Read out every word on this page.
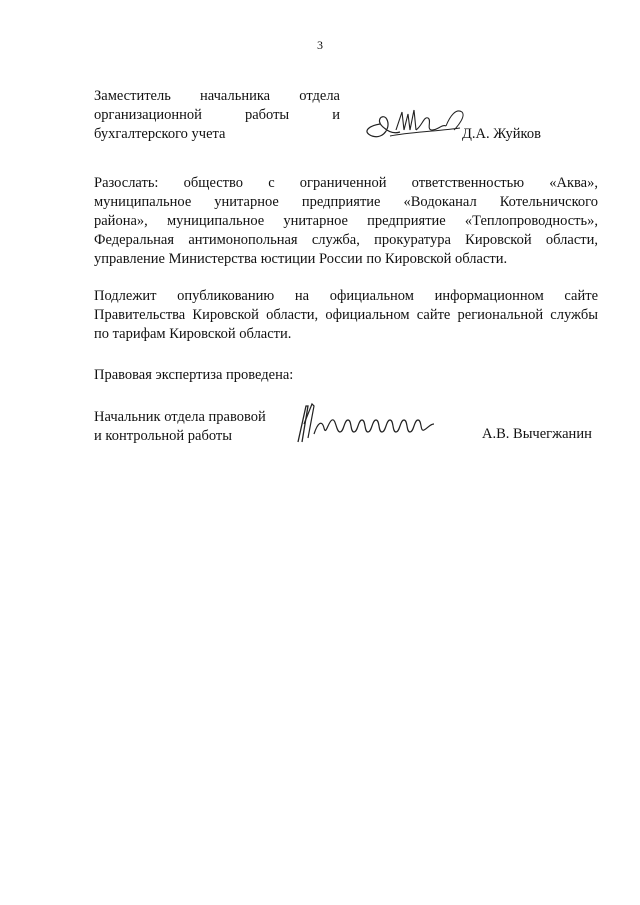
3
Заместитель начальника отдела
организационной работы и
бухгалтерского учета	Д.А. Жуйков
Разослать: общество с ограниченной ответственностью «Аква»,
муниципальное унитарное предприятие «Водоканал Котельничского
района», муниципальное унитарное предприятие «Теплопроводность»,
Федеральная антимонопольная служба, прокуратура Кировской области,
управление Министерства юстиции России по Кировской области.
Подлежит опубликованию на официальном информационном сайте
Правительства Кировской области, официальном сайте региональной службы
по тарифам Кировской области.
Правовая экспертиза проведена:
Начальник отдела правовой
и контрольной работы	А.В. Вычегжанин
